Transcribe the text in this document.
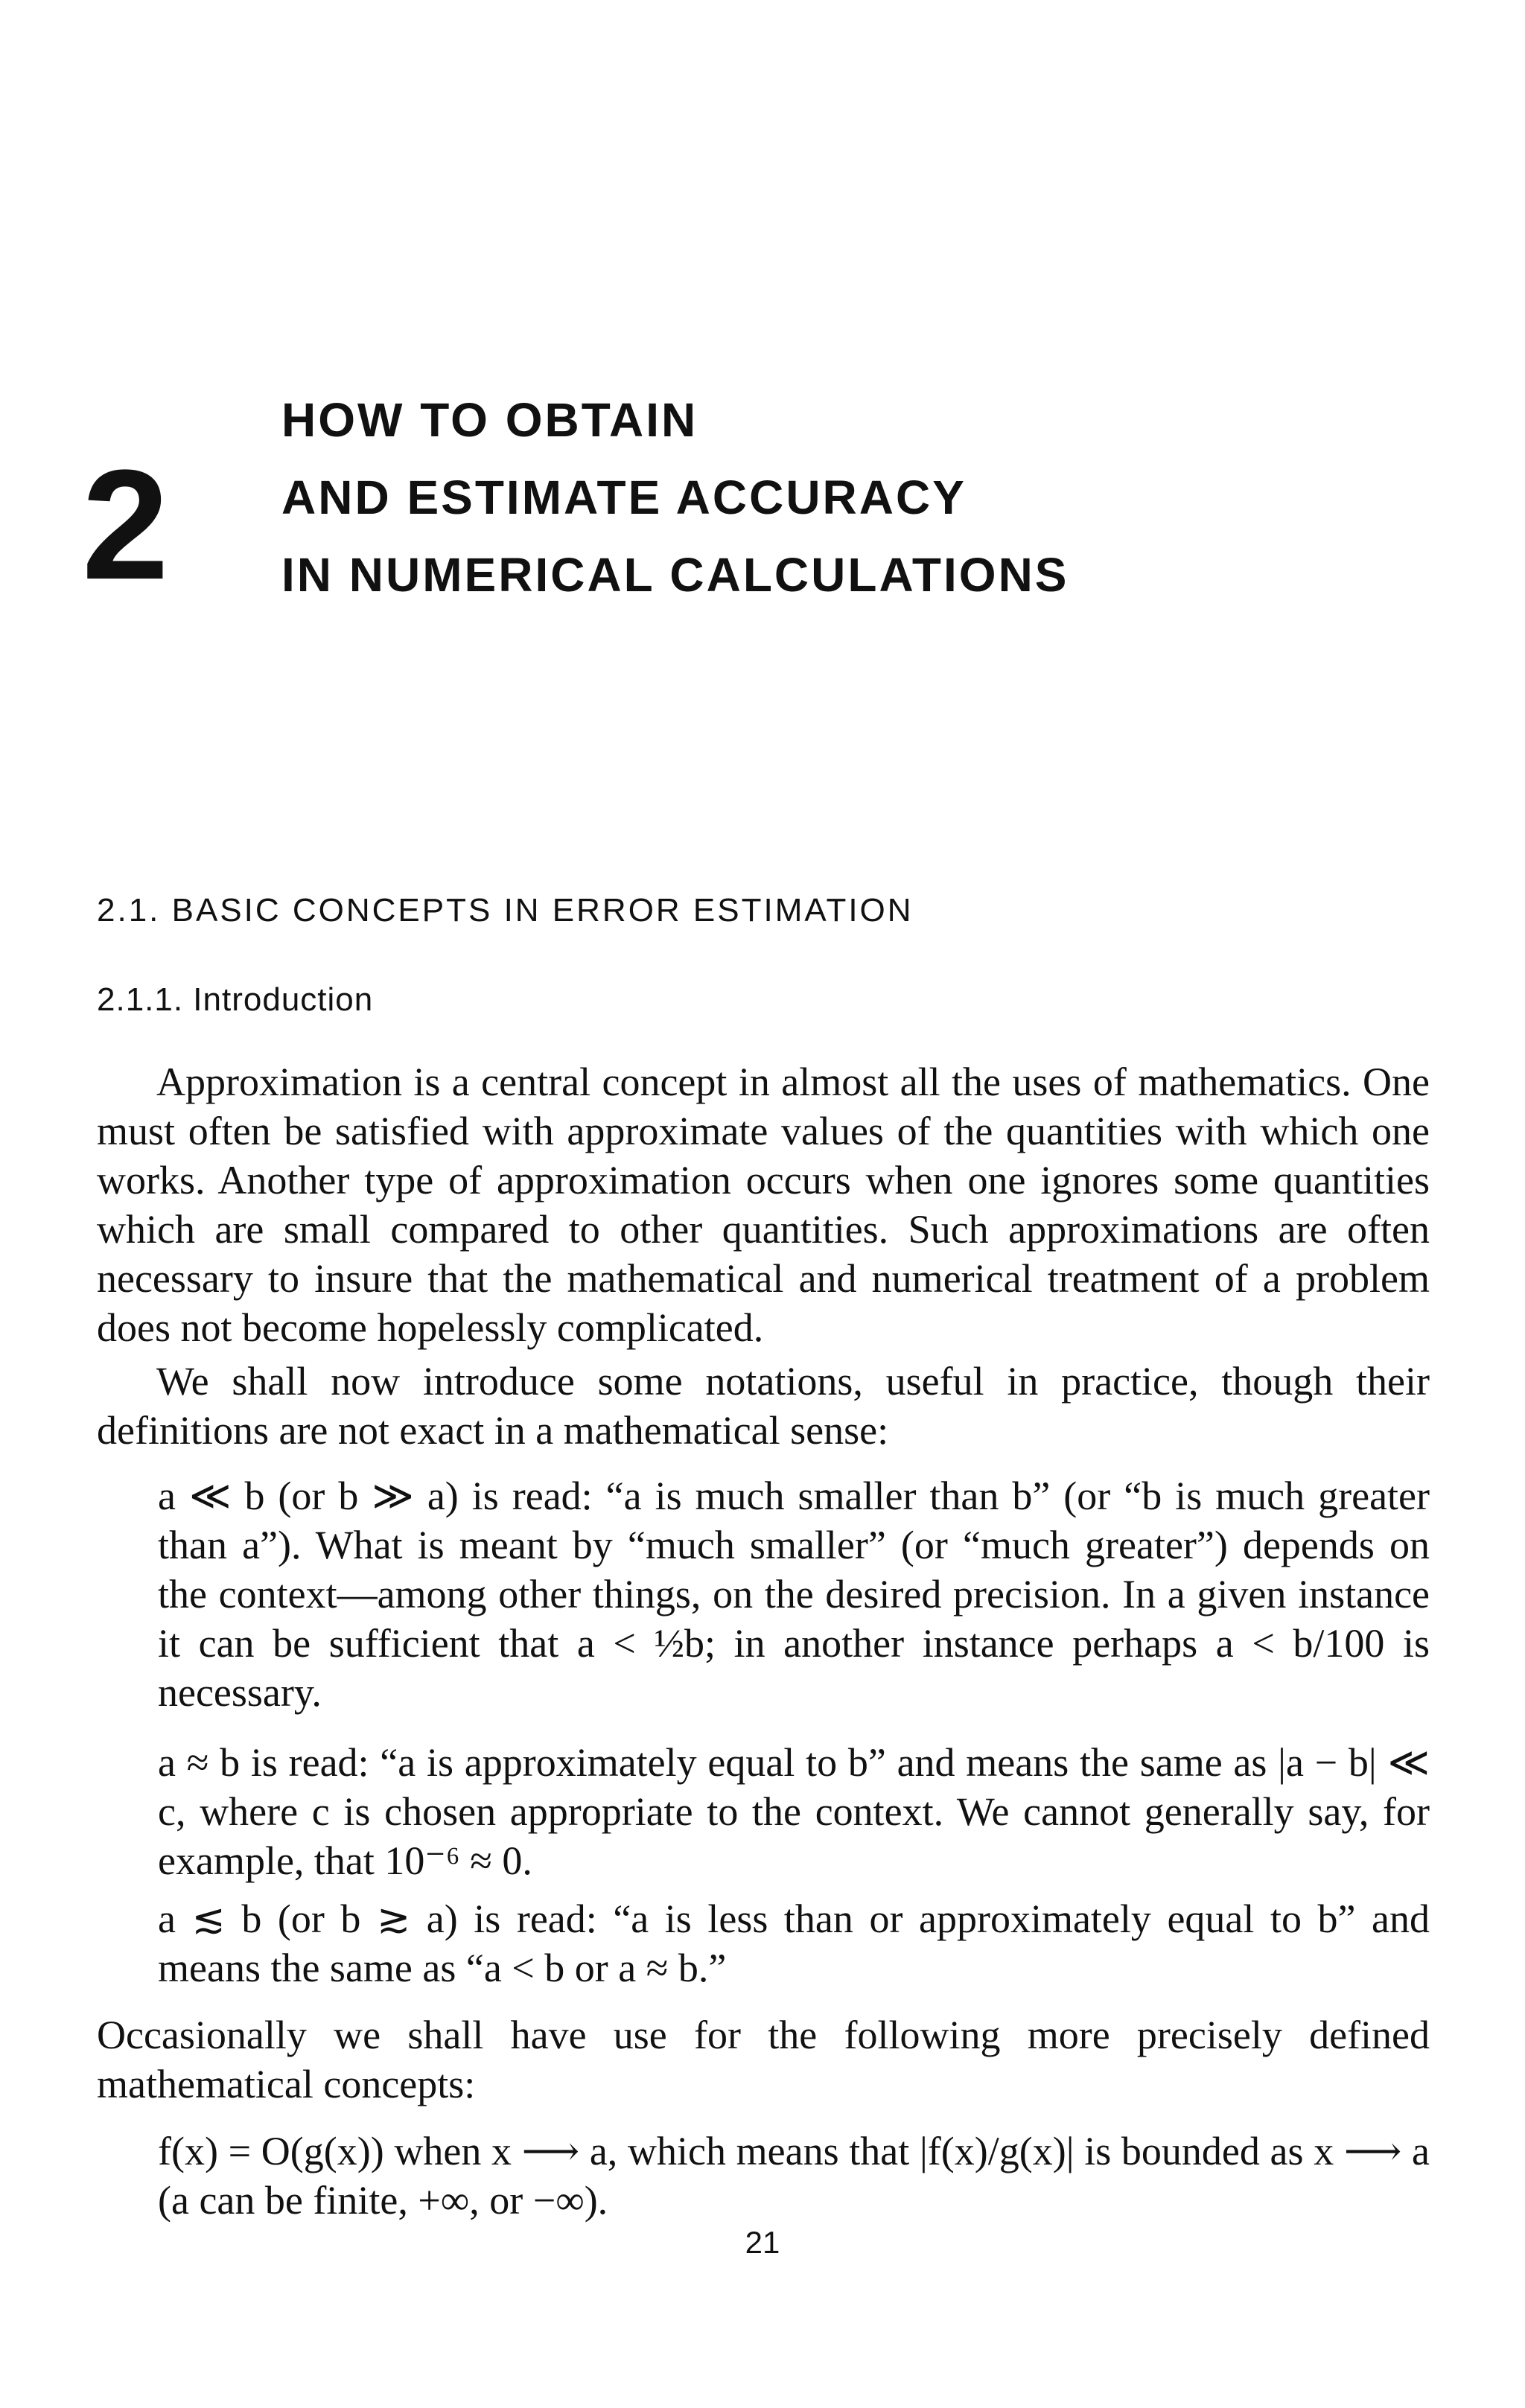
2
HOW TO OBTAIN
AND ESTIMATE ACCURACY
IN NUMERICAL CALCULATIONS
2.1. BASIC CONCEPTS IN ERROR ESTIMATION
2.1.1. Introduction

Approximation is a central concept in almost all the uses of mathematics. One must often be satisfied with approximate values of the quantities with which one works. Another type of approximation occurs when one ignores some quantities which are small compared to other quantities. Such approximations are often necessary to insure that the mathematical and numerical treatment of a problem does not become hopelessly complicated.

We shall now introduce some notations, useful in practice, though their definitions are not exact in a mathematical sense:

a ≪ b (or b ≫ a) is read: “a is much smaller than b” (or “b is much greater than a”). What is meant by “much smaller” (or “much greater”) depends on the context—among other things, on the desired precision. In a given instance it can be sufficient that a < ½b; in another instance perhaps a < b/100 is necessary.

a ≈ b is read: “a is approximately equal to b” and means the same as |a − b| ≪ c, where c is chosen appropriate to the context. We cannot generally say, for example, that 10⁻⁶ ≈ 0.

a ≲ b (or b ≳ a) is read: “a is less than or approximately equal to b” and means the same as “a < b or a ≈ b.”

Occasionally we shall have use for the following more precisely defined mathematical concepts:

f(x) = O(g(x)) when x ⟶ a, which means that |f(x)/g(x)| is bounded as x ⟶ a (a can be finite, +∞, or −∞).

21
